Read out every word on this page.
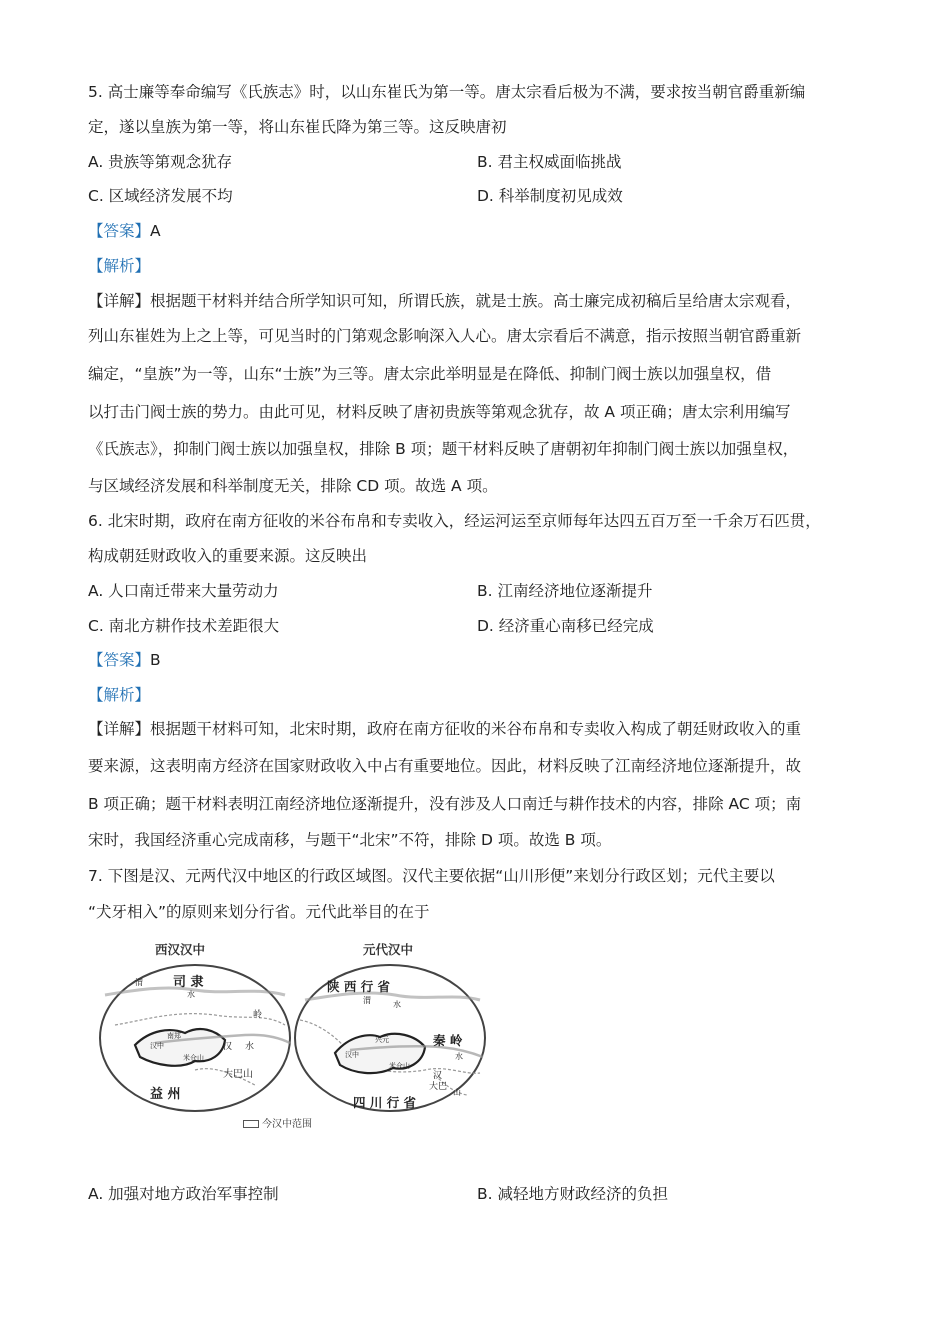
5. 高士廉等奉命编写《氏族志》时，以山东崔氏为第一等。唐太宗看后极为不满，要求按当朝官爵重新编
定，遂以皇族为第一等，将山东崔氏降为第三等。这反映唐初
A. 贵族等第观念犹存	B. 君主权威面临挑战
C. 区域经济发展不均	D. 科举制度初见成效
【答案】A
【解析】
【详解】根据题干材料并结合所学知识可知，所谓氏族，就是士族。高士廉完成初稿后呈给唐太宗观看，
列山东崔姓为上之上等，可见当时的门第观念影响深入人心。唐太宗看后不满意，指示按照当朝官爵重新
编定，“皇族”为一等，山东“士族”为三等。唐太宗此举明显是在降低、抑制门阀士族以加强皇权，借
以打击门阀士族的势力。由此可见，材料反映了唐初贵族等第观念犹存，故 A 项正确；唐太宗利用编写
《氏族志》，抑制门阀士族以加强皇权，排除 B 项；题干材料反映了唐朝初年抑制门阀士族以加强皇权，
与区域经济发展和科举制度无关，排除 CD 项。故选 A 项。
6. 北宋时期，政府在南方征收的米谷布帛和专卖收入，经运河运至京师每年达四五百万至一千余万石匹贯，
构成朝廷财政收入的重要来源。这反映出
A. 人口南迁带来大量劳动力	B. 江南经济地位逐渐提升
C. 南北方耕作技术差距很大	D. 经济重心南移已经完成
【答案】B
【解析】
【详解】根据题干材料可知，北宋时期，政府在南方征收的米谷布帛和专卖收入构成了朝廷财政收入的重
要来源，这表明南方经济在国家财政收入中占有重要地位。因此，材料反映了江南经济地位逐渐提升，故
B 项正确；题干材料表明江南经济地位逐渐提升，没有涉及人口南迁与耕作技术的内容，排除 AC 项；南
宋时，我国经济重心完成南移，与题干“北宋”不符，排除 D 项。故选 B 项。
7. 下图是汉、元两代汉中地区的行政区域图。汉代主要依据“山川形便”来划分行政区划；元代主要以
“犬牙相入”的原则来划分行省。元代此举目的在于
西汉汉中	元代汉中
司 隶
渭
水
岭
南郑
汉中	汉 水
米仓山
大巴山
益 州
陕 西 行 省
渭	水
兴元	秦 岭
汉中
汉
水
米仓山
大巴
山
四 川 行 省
今汉中范围
A. 加强对地方政治军事控制	B. 减轻地方财政经济的负担
